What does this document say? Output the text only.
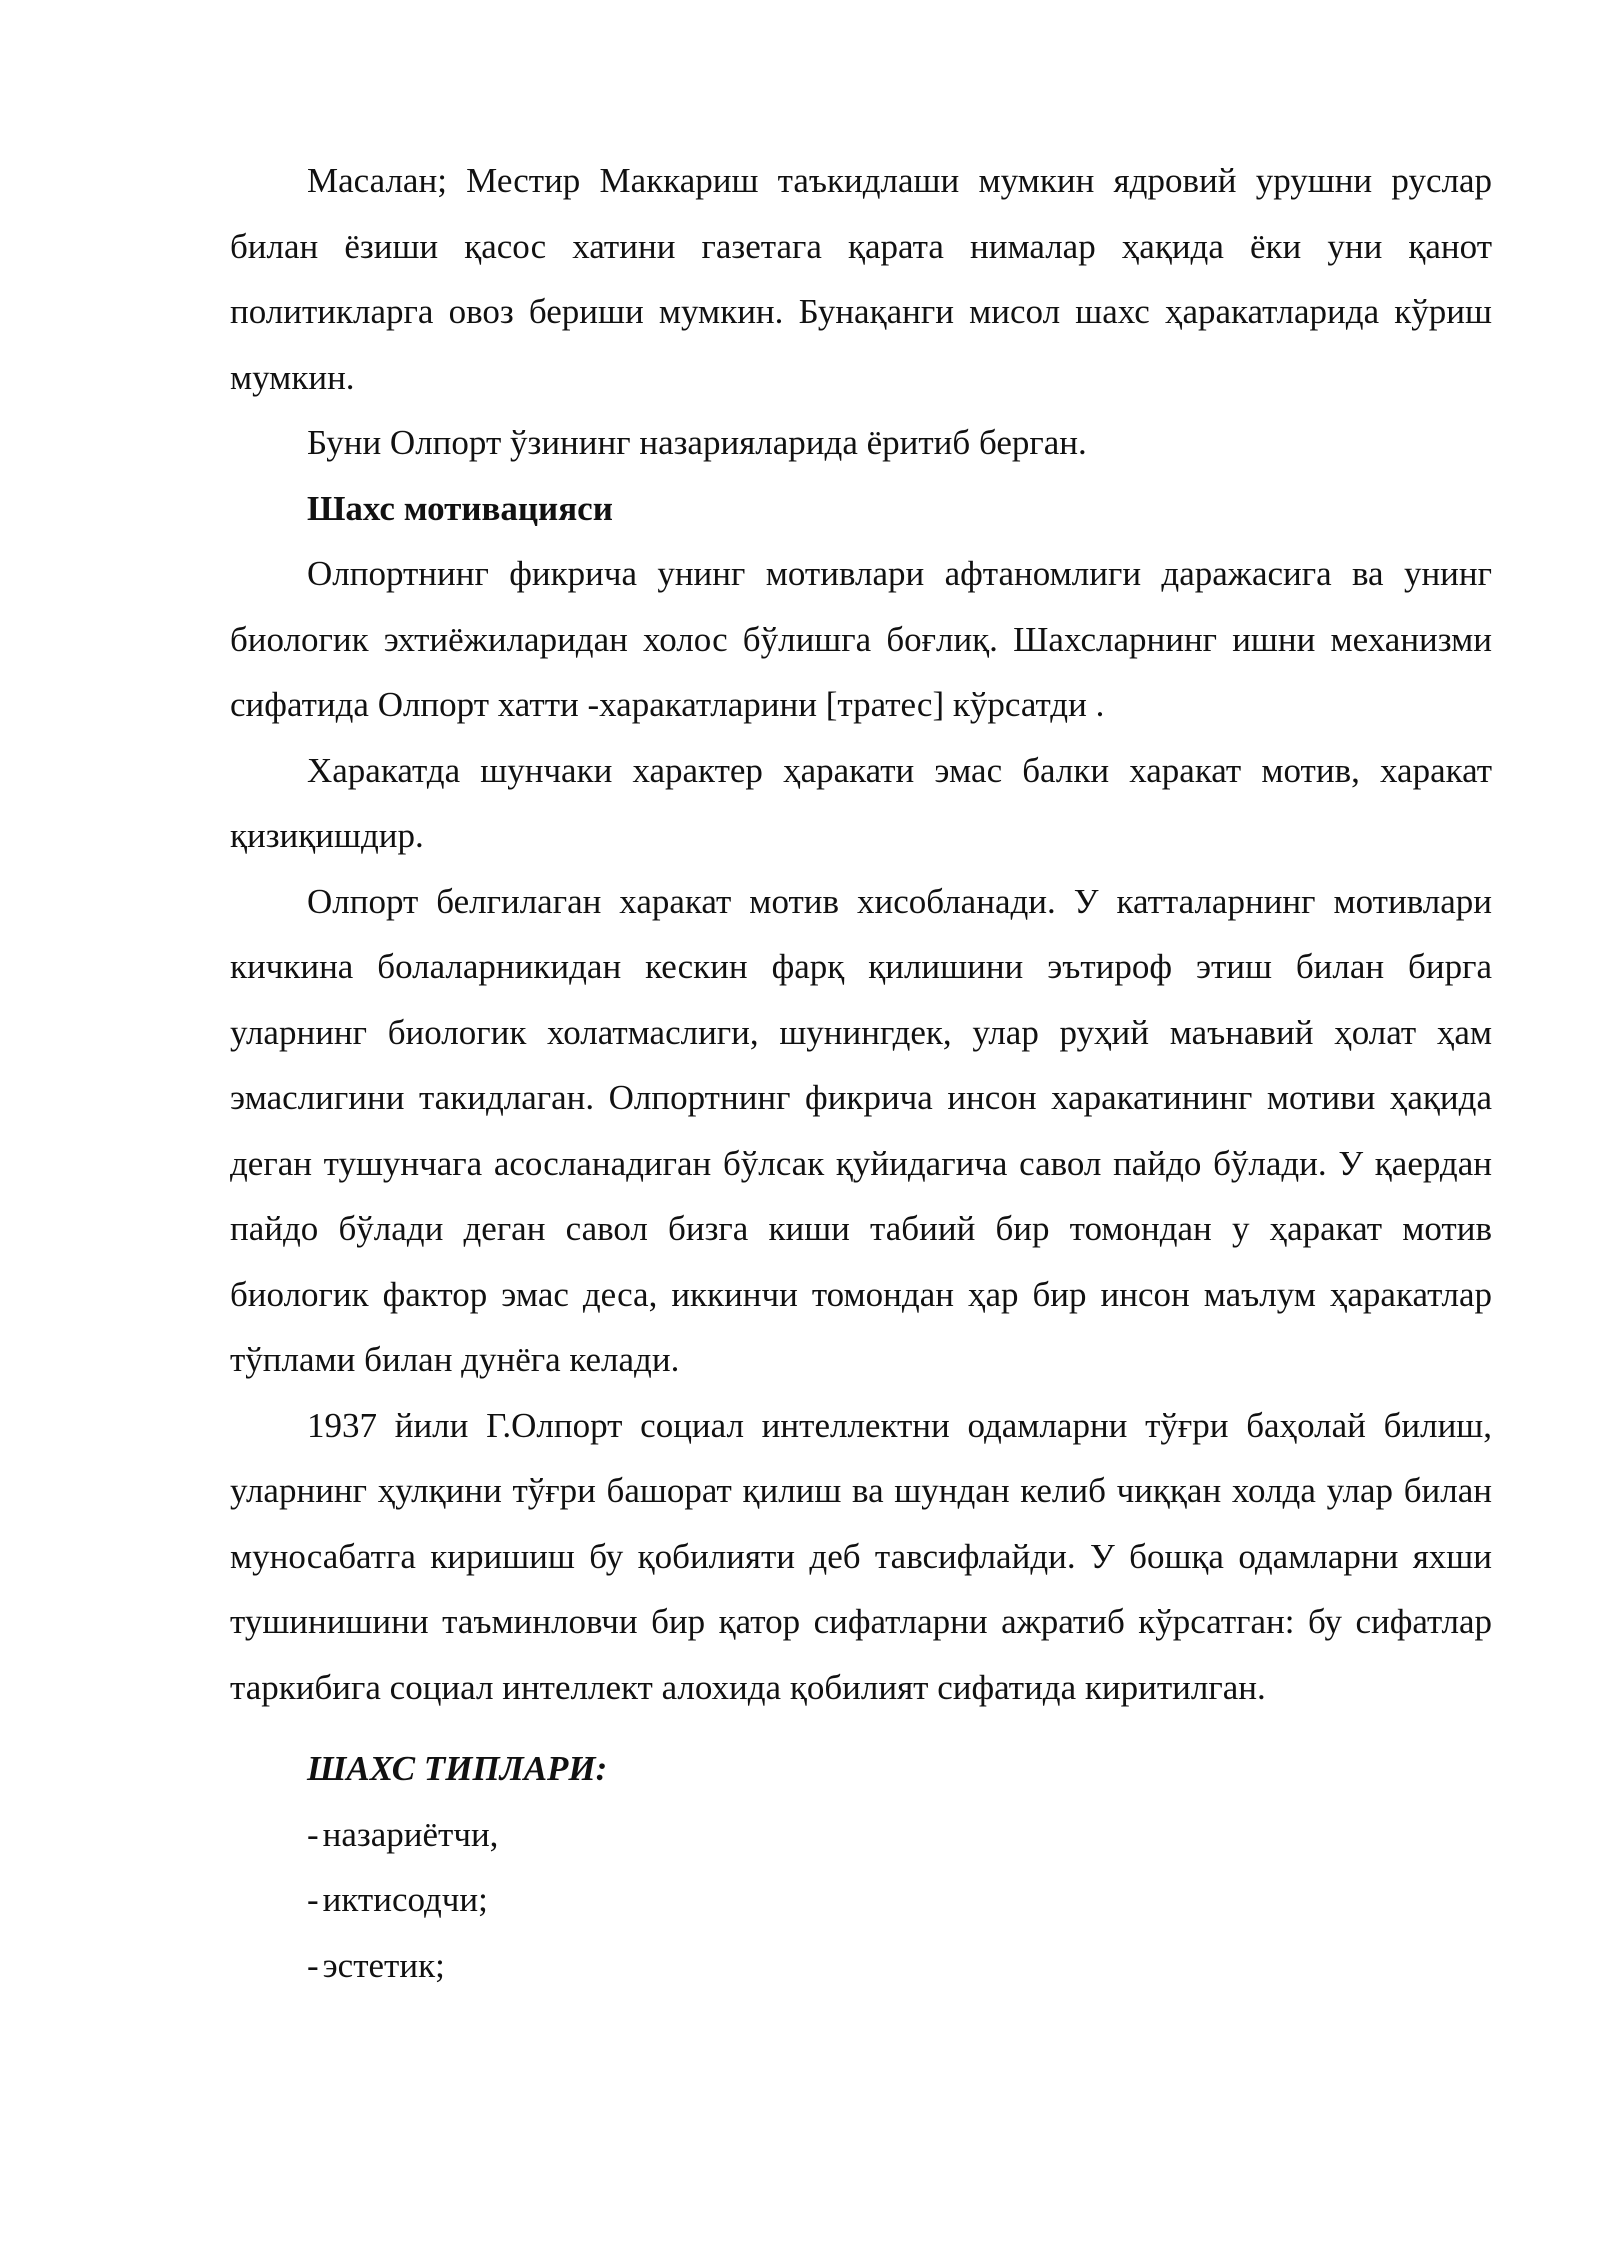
Масалан; Местир Маккариш таъкидлаши мумкин ядровий урушни руслар билан ёзиши қасос хатини газетага қарата нималар ҳақида ёки уни қанот политикларга овоз бериши мумкин. Бунақанги мисол шахс ҳаракатларида кўриш мумкин.

Буни Олпорт ўзининг назарияларида ёритиб берган.

Шахс мотивацияси

Олпортнинг фикрича унинг мотивлари афтаномлиги даражасига ва унинг биологик эхтиёжиларидан холос бўлишга боғлиқ. Шахсларнинг ишни механизми сифатида Олпорт хатти -харакатларини [тратес] кўрсатди .

Харакатда шунчаки характер ҳаракати эмас балки харакат мотив, харакат қизиқишдир.

Олпорт белгилаган харакат мотив хисобланади. У катталарнинг мотивлари кичкина болаларникидан кескин фарқ қилишини эътироф этиш билан бирга уларнинг биологик холатмаслиги, шунингдек, улар руҳий маънавий ҳолат ҳам эмаслигини такидлаган. Олпортнинг фикрича инсон харакатининг мотиви ҳақида деган тушунчага асосланадиган бўлсак қуйидагича савол пайдо бўлади. У қаердан пайдо бўлади деган савол бизга киши табиий бир томондан у ҳаракат мотив биологик фактор эмас деса, иккинчи томондан ҳар бир инсон маълум ҳаракатлар тўплами билан дунёга келади.

1937 йили Г.Олпорт социал интеллектни одамларни тўғри баҳолай билиш, уларнинг ҳулқини тўғри башорат қилиш ва шундан келиб чиққан холда улар билан муносабатга киришиш бу қобилияти деб тавсифлайди. У бошқа одамларни яхши тушинишини таъминловчи бир қатор сифатларни ажратиб кўрсатган: бу сифатлар таркибига социал интеллект алохида қобилият сифатида киритилган.

ШАХС ТИПЛАРИ:

- назариётчи,
- иктисодчи;
- эстетик;
